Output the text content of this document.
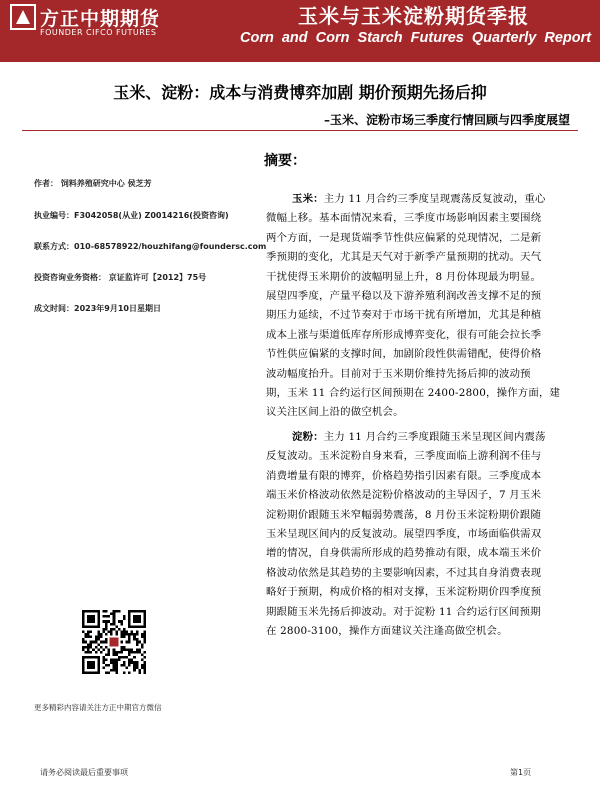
方正中期期货
FOUNDER CIFCO FUTURES
玉米与玉米淀粉期货季报
Corn and Corn Starch Futures Quarterly Report
玉米、淀粉：成本与消费博弈加剧 期价预期先扬后抑
–玉米、淀粉市场三季度行情回顾与四季度展望
摘要：
作者： 饲料养殖研究中心 侯芝芳
执业编号：F3042058(从业) Z0014216(投资咨询)
联系方式：010-68578922/houzhifang@foundersc.com
投资咨询业务资格： 京证监许可【2012】75号
成文时间：2023年9月10日星期日
玉米：主力 11 月合约三季度呈现震荡反复波动，重心
微幅上移。基本面情况来看，三季度市场影响因素主要围绕
两个方面，一是现货端季节性供应偏紧的兑现情况，二是新
季预期的变化，尤其是天气对于新季产量预期的扰动。天气
干扰使得玉米期价的波幅明显上升，8 月份体现最为明显。
展望四季度，产量平稳以及下游养殖利润改善支撑不足的预
期压力延续，不过节奏对于市场干扰有所增加，尤其是种植
成本上涨与渠道低库存所形成博弈变化，很有可能会拉长季
节性供应偏紧的支撑时间，加剧阶段性供需错配，使得价格
波动幅度抬升。目前对于玉米期价维持先扬后抑的波动预
期，玉米 11 合约运行区间预期在 2400-2800，操作方面，建
议关注区间上沿的做空机会。
淀粉：主力 11 月合约三季度跟随玉米呈现区间内震荡
反复波动。玉米淀粉自身来看，三季度面临上游利润不佳与
消费增量有限的博弈，价格趋势指引因素有限。三季度成本
端玉米价格波动依然是淀粉价格波动的主导因子，7 月玉米
淀粉期价跟随玉米窄幅弱势震荡，8 月份玉米淀粉期价跟随
玉米呈现区间内的反复波动。展望四季度，市场面临供需双
增的情况，自身供需所形成的趋势推动有限，成本端玉米价
格波动依然是其趋势的主要影响因素，不过其自身消费表现
略好于预期，构成价格的相对支撑，玉米淀粉期价四季度预
期跟随玉米先扬后抑波动。对于淀粉 11 合约运行区间预期
在 2800-3100，操作方面建议关注逢高做空机会。
更多精彩内容请关注方正中期官方微信
请务必阅读最后重要事项	第1页
